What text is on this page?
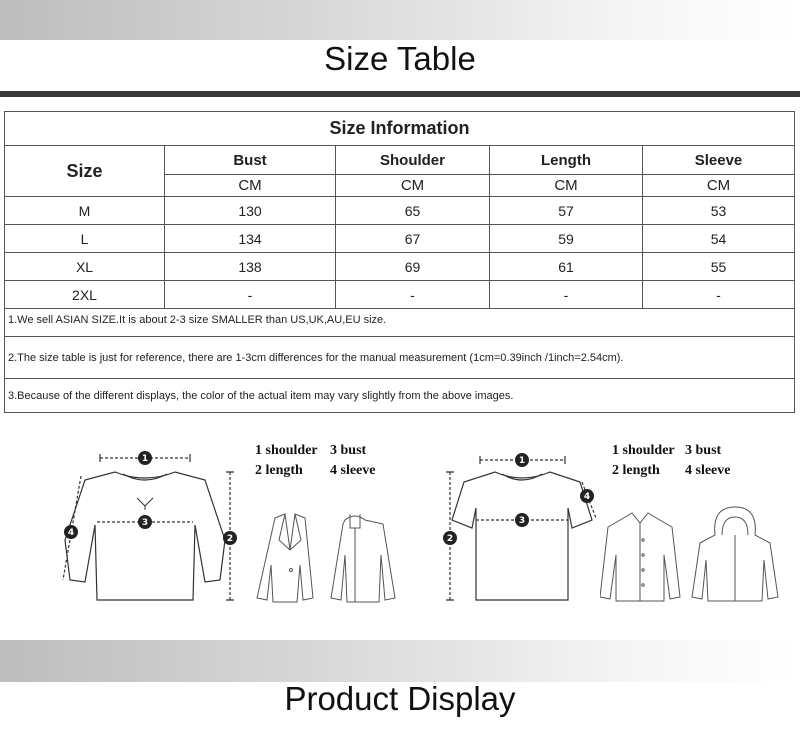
Size Table
Size Information				
Size	Bust	Shoulder	Length	Sleeve
	CM	CM	CM	CM
M	130	65	57	53
L	134	67	59	54
XL	138	69	61	55
2XL	-	-	-	-
1.We sell ASIAN SIZE.It is about 2-3 size SMALLER than US,UK,AU,EU size.				
2.The size table is just for reference, there are 1-3cm differences for the manual measurement (1cm=0.39inch /1inch=2.54cm).				
3.Because of the different displays, the color of the actual item may vary slightly from the above images.				
1
2
3
4
1 shoulder 3 bust
2 length 4 sleeve
1
2
3
4
1 shoulder 3 bust
2 length 4 sleeve
Product Display
